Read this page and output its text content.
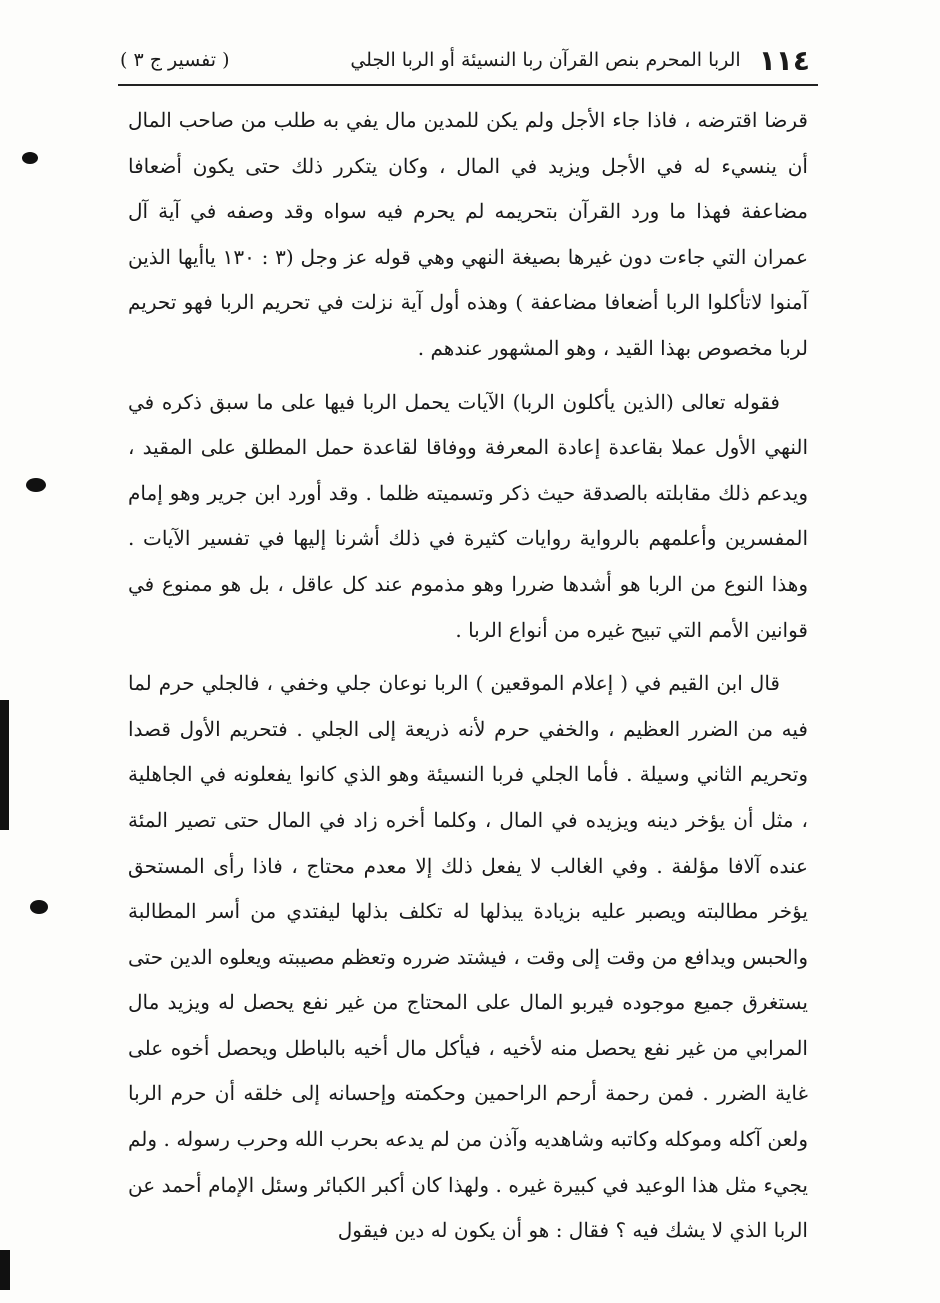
١١٤
الربا المحرم بنص القرآن ربا النسيئة أو الربا الجلي
( تفسير ج ٣ )

قرضا اقترضه ، فاذا جاء الأجل ولم يكن للمدين مال يفي به طلب من صاحب المال أن ينسيء له في الأجل ويزيد في المال ، وكان يتكرر ذلك حتى يكون أضعافا مضاعفة فهذا ما ورد القرآن بتحريمه لم يحرم فيه سواه وقد وصفه في آية آل عمران التي جاءت دون غيرها بصيغة النهي وهي قوله عز وجل (٣ : ١٣٠ ياأيها الذين آمنوا لاتأكلوا الربا أضعافا مضاعفة ) وهذه أول آية نزلت في تحريم الربا فهو تحريم لربا مخصوص بهذا القيد ، وهو المشهور عندهم .

فقوله تعالى (الذين يأكلون الربا) الآيات يحمل الربا فيها على ما سبق ذكره في النهي الأول عملا بقاعدة إعادة المعرفة ووفاقا لقاعدة حمل المطلق على المقيد ، ويدعم ذلك مقابلته بالصدقة حيث ذكر وتسميته ظلما . وقد أورد ابن جرير وهو إمام المفسرين وأعلمهم بالرواية روايات كثيرة في ذلك أشرنا إليها في تفسير الآيات . وهذا النوع من الربا هو أشدها ضررا وهو مذموم عند كل عاقل ، بل هو ممنوع في قوانين الأمم التي تبيح غيره من أنواع الربا .

قال ابن القيم في ( إعلام الموقعين ) الربا نوعان جلي وخفي ، فالجلي حرم لما فيه من الضرر العظيم ، والخفي حرم لأنه ذريعة إلى الجلي . فتحريم الأول قصدا وتحريم الثاني وسيلة . فأما الجلي فربا النسيئة وهو الذي كانوا يفعلونه في الجاهلية ، مثل أن يؤخر دينه ويزيده في المال ، وكلما أخره زاد في المال حتى تصير المئة عنده آلافا مؤلفة . وفي الغالب لا يفعل ذلك إلا معدم محتاج ، فاذا رأى المستحق يؤخر مطالبته ويصبر عليه بزيادة يبذلها له تكلف بذلها ليفتدي من أسر المطالبة والحبس ويدافع من وقت إلى وقت ، فيشتد ضرره وتعظم مصيبته ويعلوه الدين حتى يستغرق جميع موجوده فيربو المال على المحتاج من غير نفع يحصل له ويزيد مال المرابي من غير نفع يحصل منه لأخيه ، فيأكل مال أخيه بالباطل ويحصل أخوه على غاية الضرر . فمن رحمة أرحم الراحمين وحكمته وإحسانه إلى خلقه أن حرم الربا ولعن آكله وموكله وكاتبه وشاهديه وآذن من لم يدعه بحرب الله وحرب رسوله . ولم يجيء مثل هذا الوعيد في كبيرة غيره . ولهذا كان أكبر الكبائر وسئل الإمام أحمد عن الربا الذي لا يشك فيه ؟ فقال : هو أن يكون له دين فيقول
